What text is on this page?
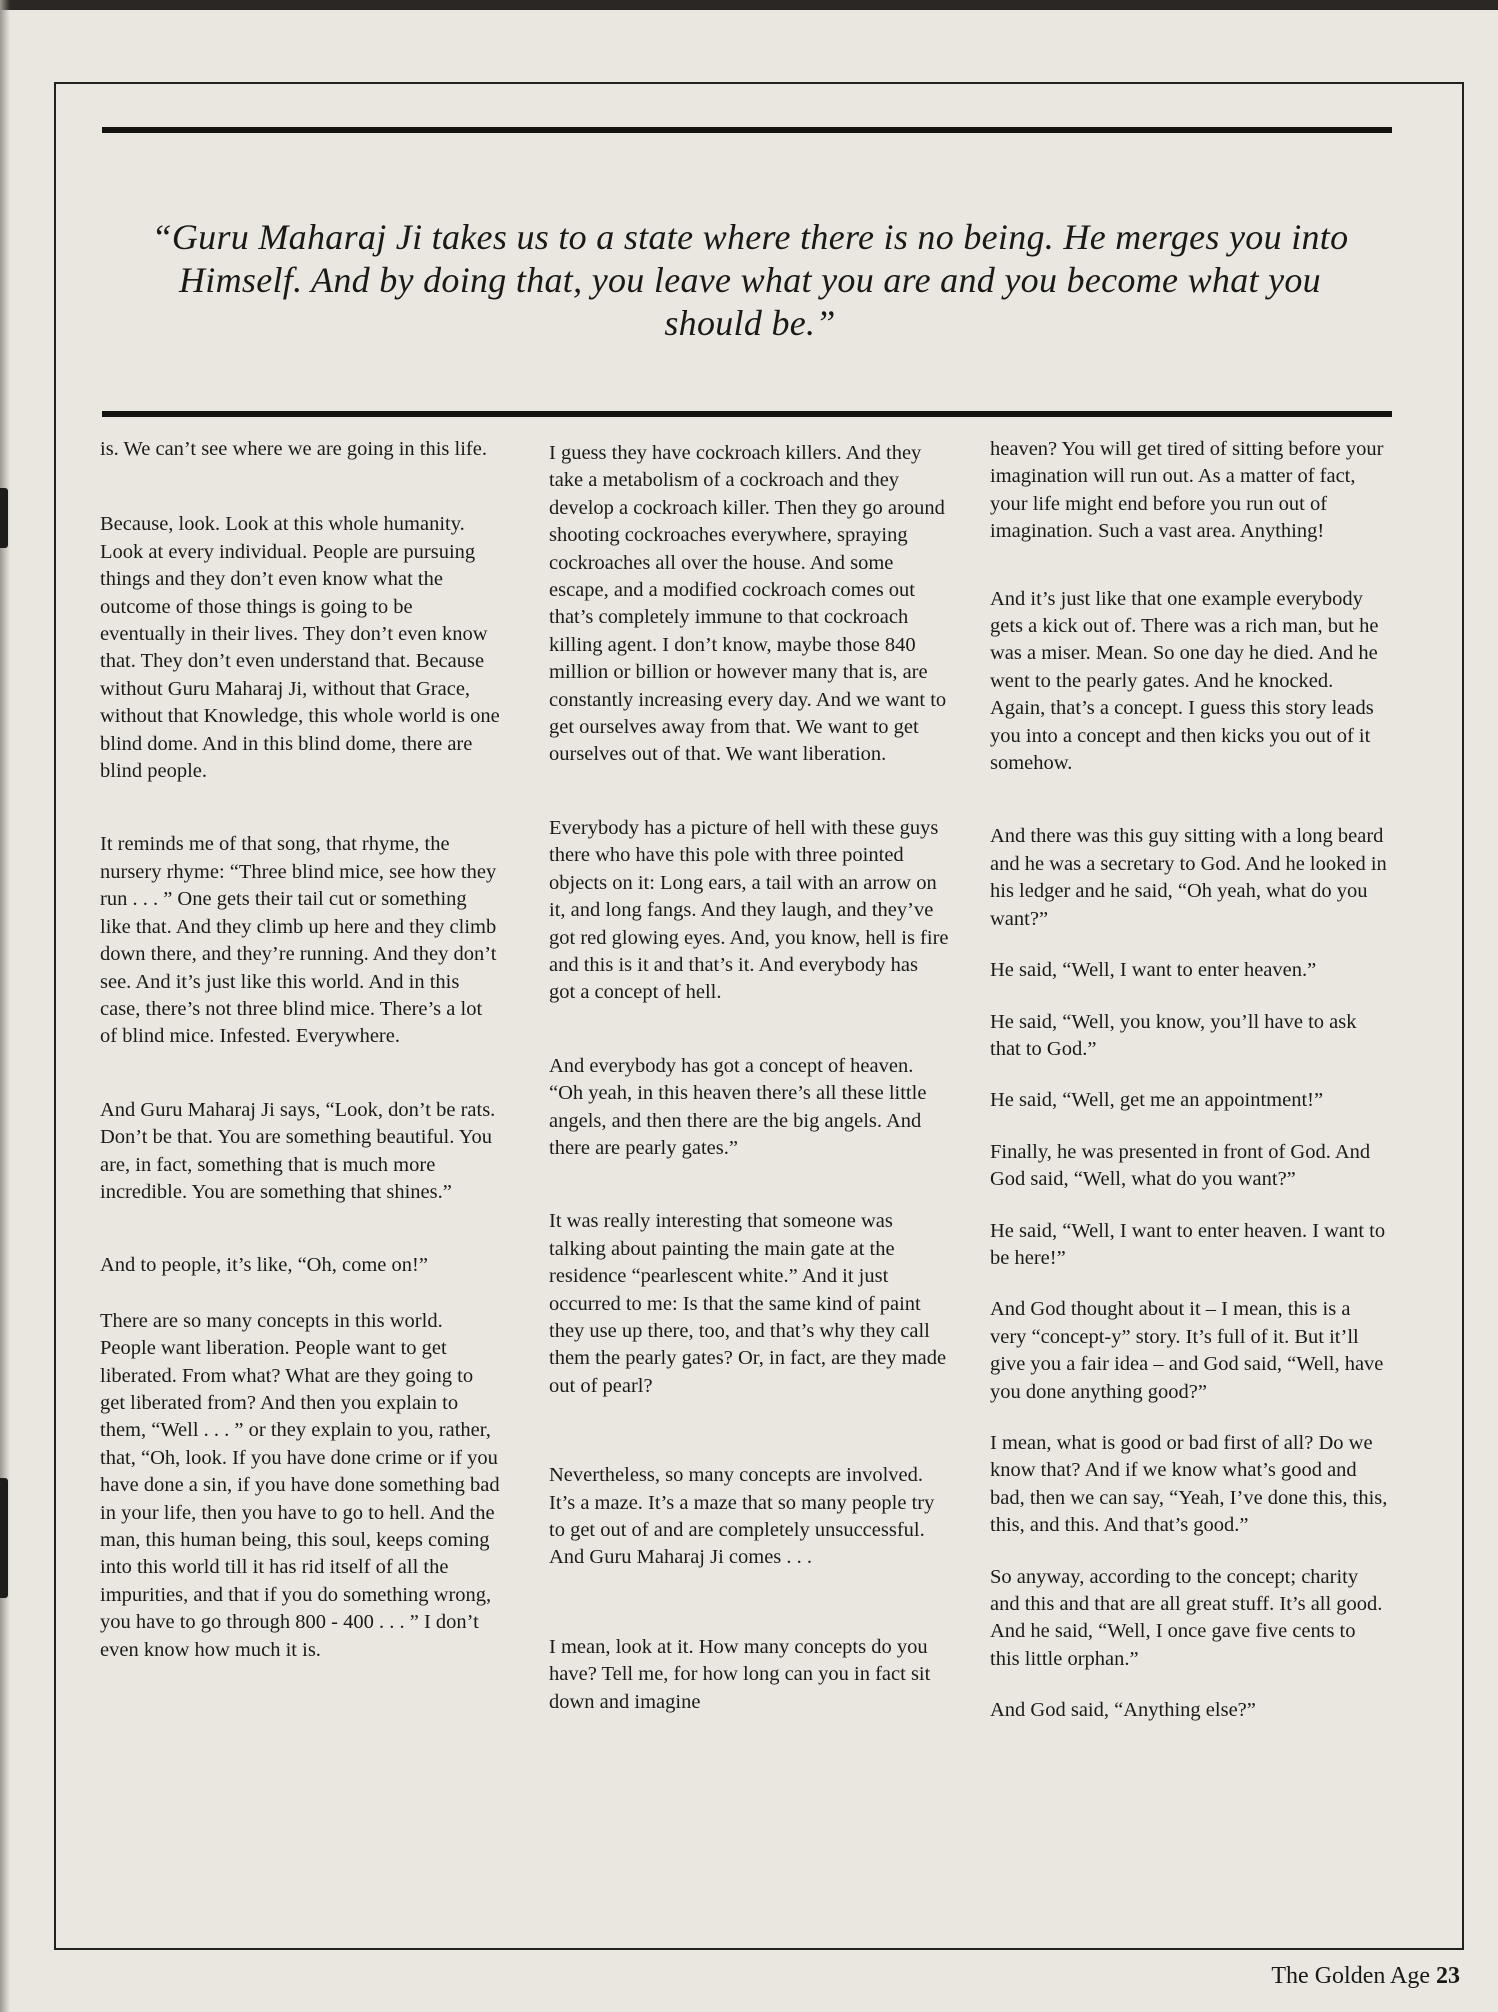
“Guru Maharaj Ji takes us to a state where there is no being. He merges you into Himself. And by doing that, you leave what you are and you become what you should be.”

is. We can’t see where we are going in this life.

Because, look. Look at this whole humanity. Look at every individual. People are pursuing things and they don’t even know what the outcome of those things is going to be eventually in their lives. They don’t even know that. They don’t even understand that. Because without Guru Maharaj Ji, without that Grace, without that Knowledge, this whole world is one blind dome. And in this blind dome, there are blind people.

It reminds me of that song, that rhyme, the nursery rhyme: “Three blind mice, see how they run . . . ” One gets their tail cut or something like that. And they climb up here and they climb down there, and they’re running. And they don’t see. And it’s just like this world. And in this case, there’s not three blind mice. There’s a lot of blind mice. Infested. Everywhere.

And Guru Maharaj Ji says, “Look, don’t be rats. Don’t be that. You are something beautiful. You are, in fact, something that is much more incredible. You are something that shines.”

And to people, it’s like, “Oh, come on!”

There are so many concepts in this world. People want liberation. People want to get liberated. From what? What are they going to get liberated from? And then you explain to them, “Well . . . ” or they explain to you, rather, that, “Oh, look. If you have done crime or if you have done a sin, if you have done something bad in your life, then you have to go to hell. And the man, this human being, this soul, keeps coming into this world till it has rid itself of all the impurities, and that if you do something wrong, you have to go through 800 - 400 . . . ” I don’t even know how much it is.

I guess they have cockroach killers. And they take a metabolism of a cockroach and they develop a cockroach killer. Then they go around shooting cockroaches everywhere, spraying cockroaches all over the house. And some escape, and a modified cockroach comes out that’s completely immune to that cockroach killing agent. I don’t know, maybe those 840 million or billion or however many that is, are constantly increasing every day. And we want to get ourselves away from that. We want to get ourselves out of that. We want liberation.

Everybody has a picture of hell with these guys there who have this pole with three pointed objects on it: Long ears, a tail with an arrow on it, and long fangs. And they laugh, and they’ve got red glowing eyes. And, you know, hell is fire and this is it and that’s it. And everybody has got a concept of hell.

And everybody has got a concept of heaven. “Oh yeah, in this heaven there’s all these little angels, and then there are the big angels. And there are pearly gates.”

It was really interesting that someone was talking about painting the main gate at the residence “pearlescent white.” And it just occurred to me: Is that the same kind of paint they use up there, too, and that’s why they call them the pearly gates? Or, in fact, are they made out of pearl?

Nevertheless, so many concepts are involved. It’s a maze. It’s a maze that so many people try to get out of and are completely unsuccessful. And Guru Maharaj Ji comes . . .

I mean, look at it. How many concepts do you have? Tell me, for how long can you in fact sit down and imagine

heaven? You will get tired of sitting before your imagination will run out. As a matter of fact, your life might end before you run out of imagination. Such a vast area. Anything!

And it’s just like that one example everybody gets a kick out of. There was a rich man, but he was a miser. Mean. So one day he died. And he went to the pearly gates. And he knocked. Again, that’s a concept. I guess this story leads you into a concept and then kicks you out of it somehow.

And there was this guy sitting with a long beard and he was a secretary to God. And he looked in his ledger and he said, “Oh yeah, what do you want?”

He said, “Well, I want to enter heaven.”

He said, “Well, you know, you’ll have to ask that to God.”

He said, “Well, get me an appointment!”

Finally, he was presented in front of God. And God said, “Well, what do you want?”

He said, “Well, I want to enter heaven. I want to be here!”

And God thought about it – I mean, this is a very “concept-y” story. It’s full of it. But it’ll give you a fair idea – and God said, “Well, have you done anything good?”

I mean, what is good or bad first of all? Do we know that? And if we know what’s good and bad, then we can say, “Yeah, I’ve done this, this, this, and this. And that’s good.”

So anyway, according to the concept; charity and this and that are all great stuff. It’s all good. And he said, “Well, I once gave five cents to this little orphan.”

And God said, “Anything else?”

The Golden Age 23
